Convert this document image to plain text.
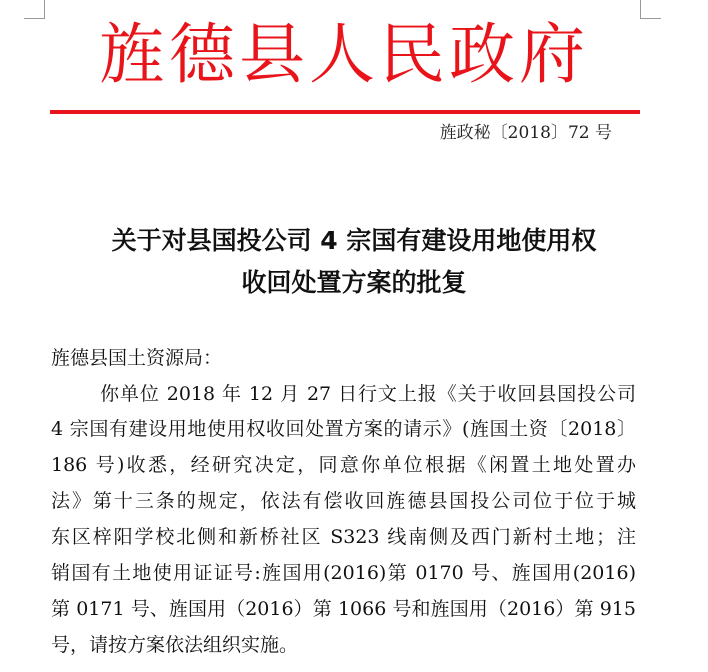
旌德县人民政府
旌政秘〔2018〕72 号
关于对县国投公司 4 宗国有建设用地使用权
收回处置方案的批复
旌德县国土资源局：
你单位 2018 年 12 月 27 日行文上报《关于收回县国投公司
4 宗国有建设用地使用权收回处置方案的请示》(旌国土资〔2018〕
186 号)收悉，经研究决定，同意你单位根据《闲置土地处置办
法》第十三条的规定，依法有偿收回旌德县国投公司位于位于城
东区梓阳学校北侧和新桥社区 S323 线南侧及西门新村土地；注
销国有土地使用证证号:旌国用(2016)第 0170 号、旌国用(2016)
第 0171 号、旌国用（2016）第 1066 号和旌国用（2016）第 915
号，请按方案依法组织实施。
